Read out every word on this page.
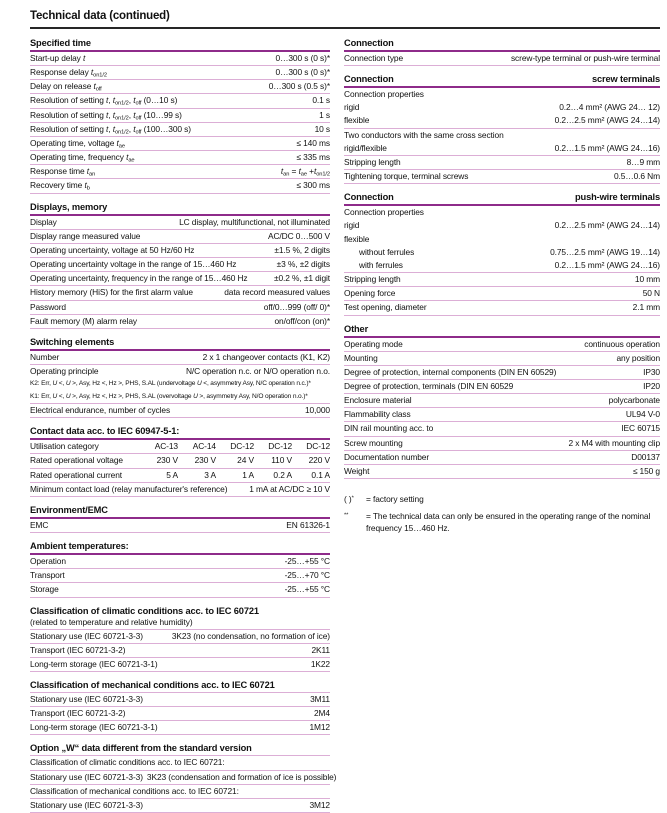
Technical data (continued)
Specified time
Start-up delay t	0…300 s (0 s)*
Response delay $t_{on1/2}$	0…300 s (0 s)*
Delay on release $t_{off}$	0…300 s (0.5 s)*
Resolution of setting t, $t_{on1/2}$, $t_{off}$ (0…10 s)	0.1 s
Resolution of setting t, $t_{on1/2}$, $t_{off}$ (10…99 s)	1 s
Resolution of setting t, $t_{on1/2}$, $t_{off}$ (100…300 s)	10 s
Operating time, voltage $t_{ae}$	≤ 140 ms
Operating time, frequency $t_{ae}$	≤ 335 ms
Response time $t_{an}$	$t_{an} = t_{ae} +t_{on1/2}$
Recovery time $t_b$	≤ 300 ms
Displays, memory
Display	LC display, multifunctional, not illuminated
Display range measured value	AC/DC 0…500 V
Operating uncertainty, voltage at 50 Hz/60 Hz	±1.5 %, 2 digits
Operating uncertainty voltage in the range of 15…460 Hz	±3 %, ±2 digits
Operating uncertainty, frequency in the range of 15…460 Hz	±0.2 %, ±1 digit
History memory (HiS) for the first alarm value	data record measured values
Password	off/0…999 (off/ 0)*
Fault memory (M) alarm relay	on/off/con (on)*
Switching elements
Number	2 x 1 changeover contacts (K1, K2)
Operating principle	N/C operation n.c. or N/O operation n.o.
K2: Err, U <, U >, Asy, Hz <, Hz >, PHS, S.AL (undervoltage U <, asymmetry Asy, N/C operation n.c.)*
K1: Err, U <, U >, Asy, Hz <, Hz >, PHS, S.AL (overvoltage U >, asymmetry Asy, N/O operation n.o.)*
Electrical endurance, number of cycles	10,000
Contact data acc. to IEC 60947-5-1:
Utilisation category	AC-13	AC-14	DC-12	DC-12	DC-12
Rated operational voltage	230 V	230 V	24 V	110 V	220 V
Rated operational current	5 A	3 A	1 A	0.2 A	0.1 A
Minimum contact load (relay manufacturer's reference)	1 mA at AC/DC ≥ 10 V
Environment/EMC
EMC	EN 61326-1
Ambient temperatures:
Operation	-25…+55 °C
Transport	-25…+70 °C
Storage	-25…+55 °C
Classification of climatic conditions acc. to IEC 60721
(related to temperature and relative humidity)
Stationary use (IEC 60721-3-3)	3K23 (no condensation, no formation of ice)
Transport (IEC 60721-3-2)	2K11
Long-term storage (IEC 60721-3-1)	1K22
Classification of mechanical conditions acc. to IEC 60721
Stationary use (IEC 60721-3-3)	3M11
Transport (IEC 60721-3-2)	2M4
Long-term storage (IEC 60721-3-1)	1M12
Option „W“ data different from the standard version
Classification of climatic conditions acc. to IEC 60721:
Stationary use (IEC 60721-3-3) 3K23 (condensation and formation of ice is possible)
Classification of mechanical conditions acc. to IEC 60721:
Stationary use (IEC 60721-3-3)	3M12
Connection
Connection type	screw-type terminal or push-wire terminal
Connection	screw terminals
Connection properties
rigid	0.2…4 mm² (AWG 24… 12)
flexible	0.2…2.5 mm² (AWG 24…14)
Two conductors with the same cross section
rigid/flexible	0.2…1.5 mm² (AWG 24…16)
Stripping length	8…9 mm
Tightening torque, terminal screws	0.5…0.6 Nm
Connection	push-wire terminals
Connection properties
rigid	0.2…2.5 mm² (AWG 24…14)
flexible
without ferrules	0.75…2.5 mm² (AWG 19…14)
with ferrules	0.2…1.5 mm² (AWG 24…16)
Stripping length	10 mm
Opening force	50 N
Test opening, diameter	2.1 mm
Other
Operating mode	continuous operation
Mounting	any position
Degree of protection, internal components (DIN EN 60529)	IP30
Degree of protection, terminals (DIN EN 60529	IP20
Enclosure material	polycarbonate
Flammability class	UL94 V-0
DIN rail mounting acc. to	IEC 60715
Screw mounting	2 x M4 with mounting clip
Documentation number	D00137
Weight	≤ 150 g
( )*	= factory setting
**	= The technical data can only be ensured in the operating range of the nominal frequency 15…460 Hz.
